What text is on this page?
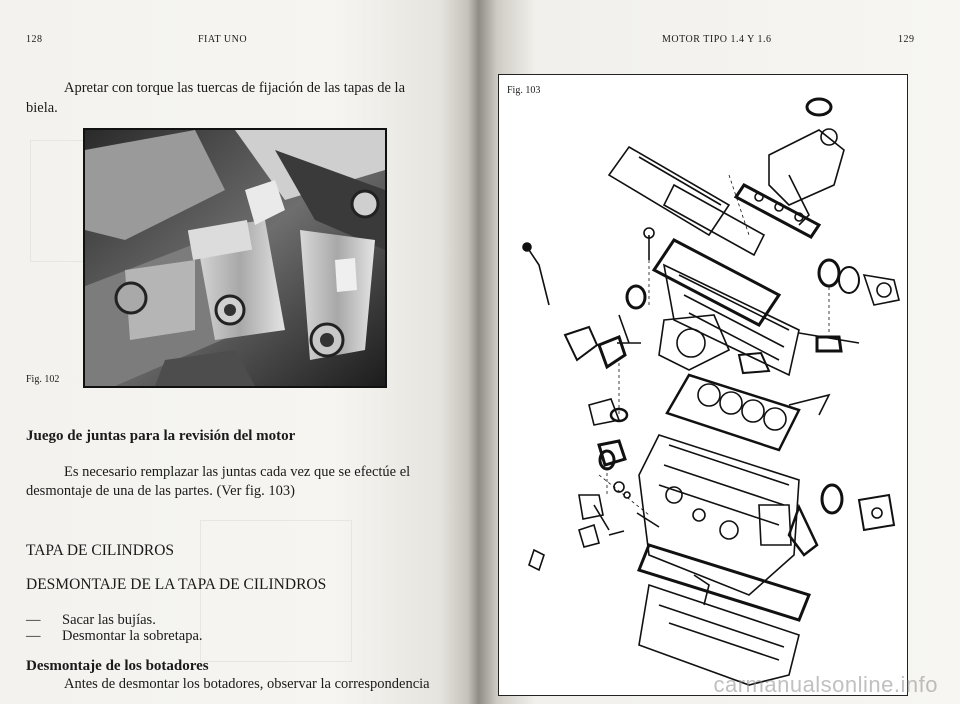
128	FIAT UNO

Apretar con torque las tuercas de fijación de las tapas de la

biela.

Fig. 102
Juego de juntas para la revisión del motor

Es necesario remplazar las juntas cada vez que se efectúe el

desmontaje de una de las partes. (Ver fig. 103)

TAPA DE CILINDROS
DESMONTAJE DE LA TAPA DE CILINDROS
— Sacar las bujías.
— Desmontar la sobretapa.
Desmontaje de los botadores

Antes de desmontar los botadores, observar la correspondencia

MOTOR TIPO 1.4 Y 1.6	129
Fig. 103
carmanualsonline.info
